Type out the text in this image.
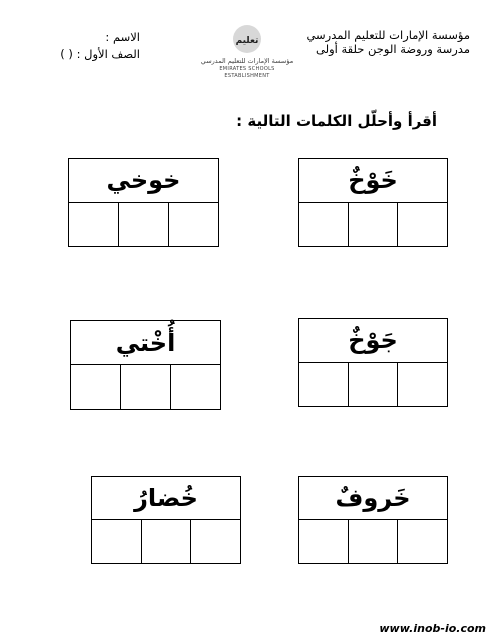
مؤسسة الإمارات للتعليم المدرسي
مدرسة وروضة الوجن حلقة أولى
تعليم
مؤسسة الإمارات للتعليم المدرسي
EMIRATES SCHOOLS ESTABLISHMENT
الاسم :
الصف الأول : ( )
أقرأ وأحلّل الكلمات التالية :
خَوْخٌ
خوخي
جَوْخٌ
أُخْتي
خَروفٌ
خُضارُ
www.inob-io.com
